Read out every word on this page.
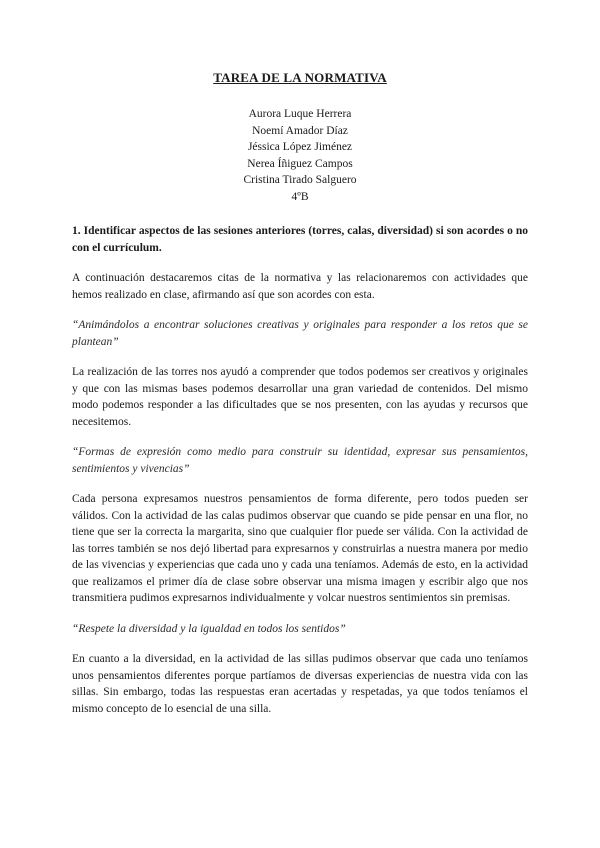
TAREA DE LA NORMATIVA
Aurora Luque Herrera
Noemí Amador Díaz
Jéssica López Jiménez
Nerea Íñiguez Campos
Cristina Tirado Salguero
4ºB
1. Identificar aspectos de las sesiones anteriores (torres, calas, diversidad) si son acordes o no con el currículum.

A continuación destacaremos citas de la normativa y las relacionaremos con actividades que hemos realizado en clase, afirmando así que son acordes con esta.

“Animándolos a encontrar soluciones creativas y originales para responder a los retos que se plantean”

La realización de las torres nos ayudó a comprender que todos podemos ser creativos y originales y que con las mismas bases podemos desarrollar una gran variedad de contenidos. Del mismo modo podemos responder a las dificultades que se nos presenten, con las ayudas y recursos que necesitemos.

“Formas de expresión como medio para construir su identidad, expresar sus pensamientos, sentimientos y vivencias”

Cada persona expresamos nuestros pensamientos de forma diferente, pero todos pueden ser válidos. Con la actividad de las calas pudimos observar que cuando se pide pensar en una flor, no tiene que ser la correcta la margarita, sino que cualquier flor puede ser válida. Con la actividad de las torres también se nos dejó libertad para expresarnos y construirlas a nuestra manera por medio de las vivencias y experiencias que cada uno y cada una teníamos. Además de esto, en la actividad que realizamos el primer día de clase sobre observar una misma imagen y escribir algo que nos transmitiera pudimos expresarnos individualmente y volcar nuestros sentimientos sin premisas.

“Respete la diversidad y la igualdad en todos los sentidos”

En cuanto a la diversidad, en la actividad de las sillas pudimos observar que cada uno teníamos unos pensamientos diferentes porque partíamos de diversas experiencias de nuestra vida con las sillas. Sin embargo, todas las respuestas eran acertadas y respetadas, ya que todos teníamos el mismo concepto de lo esencial de una silla.
